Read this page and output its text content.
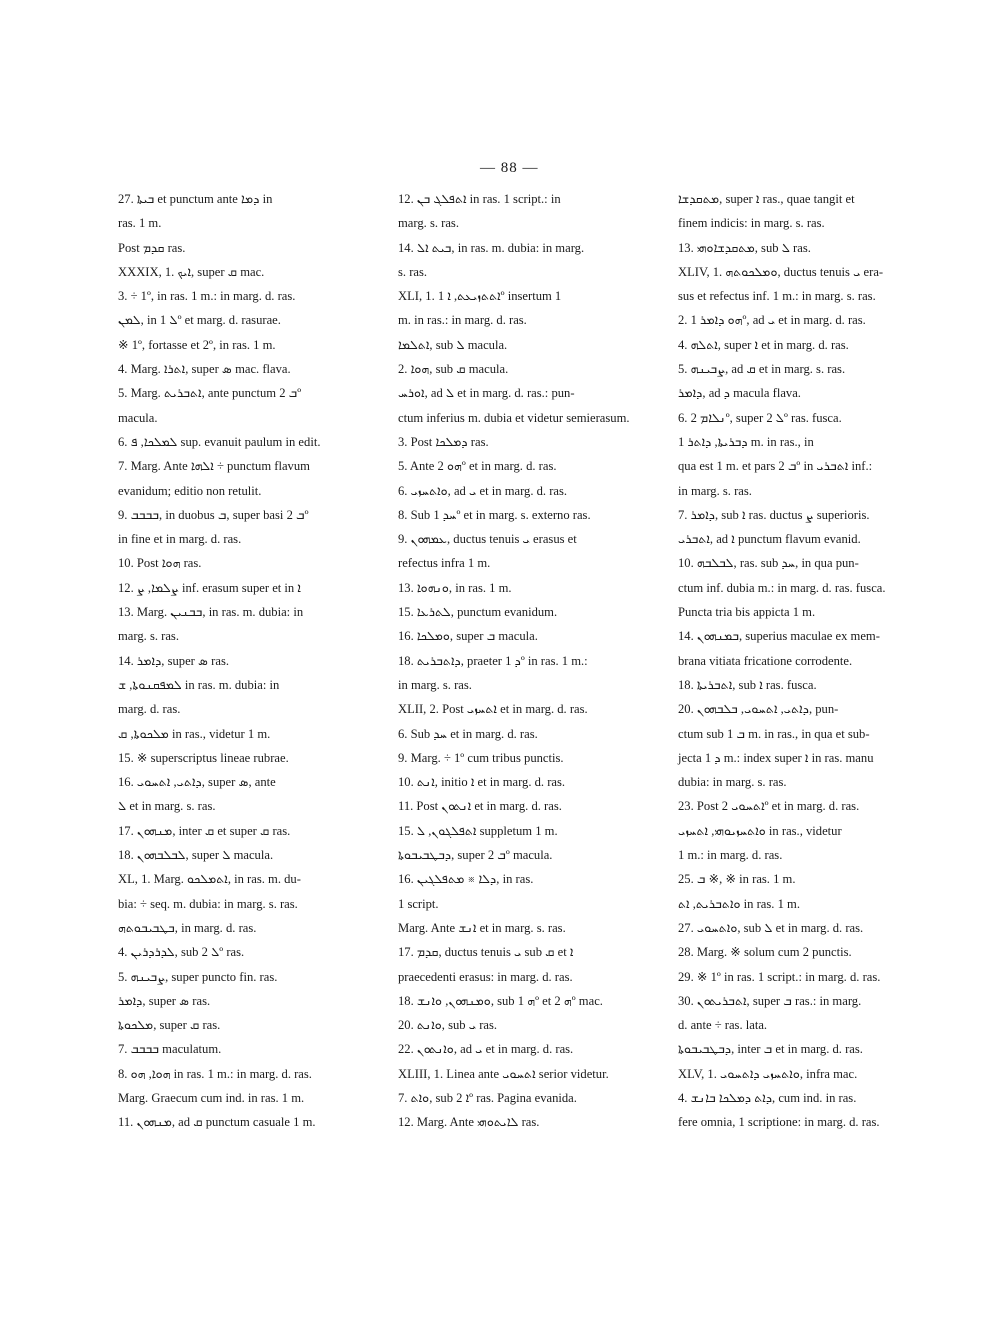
— 88 —
27. ܒܝܬܐ et punctum ante ܕܡܐ in
ras. 1 m.
Post ܩܕܡ ras.
XXXIX, 1. ܐܝܟ, super ܩ mac.
3. ÷ 1º, in ras. 1 m.: in marg. d. ras.
ܠܡܢ, in ܠ 1º et marg. d. rasurae.
※ 1º, fortasse et 2º, in ras. 1 m.
4. Marg. ܐܬܪܐ, super ܣ mac. flava.
5. Marg. ܐܬܒܪܝܬ, ante punctum ܒ 2º
macula.
6. ܠܡܠܟܐ, ܦ sup. evanuit paulum in edit.
7. Marg. Ante ܐܠܗܐ ÷ punctum flavum
evanidum; editio non retulit.
9. ܒܒܒܒ, in duobus ܒ, super basi ܒ 2º
in fine et in marg. d. ras.
10. Post ܗܘܐ ras.
12. ܨܠܡܐ, ܨ inf. erasum super et in ܐ
13. Marg. ܒܒܢܝܢ, in ras. m. dubia: in
marg. s. ras.
14. ܕܐܡܪ, super ܣ ras.
ܠܡܦܩܢܘܬܐ, ܫ in ras. m. dubia: in
marg. d. ras.
ܡܠܟܘܬܐ, ܩ in ras., videtur 1 m.
15. ※ superscriptus lineae rubrae.
16. ܕܐܬܝ, ܐܬܚܘܝ, super ܣ, ante
ܠ et in marg. s. ras.
17. ܡܢܗܘܢ, inter ܩ et super ܩ ras.
18. ܠܒܠܒܗܘܢ, super ܠ macula.
XL, 1. Marg. ܐܬܡܠܟܘ, in ras. m. du-
bia: ÷ seq. m. dubia: in marg. s. ras.
ܒܛܒܝܒܘܬܗ, in marg. d. ras.
4. ܠܕܪܕܪܝܢ, sub ܠ 2º ras.
5. ܨܒܝܢܗ, super puncto fin. ras.
ܕܐܡܪ, super ܣ ras.
ܡܠܟܘܬܐ, super ܩ ras.
7. ܒܒܒܒ maculatum.
8. ܗܘܐ, ܗܘ in ras. 1 m.: in marg. d. ras.
Marg. Graecum cum ind. in ras. 1 m.
11. ܡܢܗܘܢ, ad ܩ punctum casuale 1 m.
12. ܐܬܦܠܓ ܒܢ in ras. 1 script.: in
marg. s. ras.
14. ܒܝܬ ܐܠ, in ras. m. dubia: in marg.
s. ras.
XLI, 1. ܐܬܬܙܝܥܬ, ܐ 1º insertum 1
m. in ras.: in marg. d. ras.
ܐܬܠܡܐ, sub ܠ macula.
2. ܗܘܐ, sub ܩ macula.
ܐܘܪܚ, ad ܠ et in marg. d. ras.: pun-
ctum inferius m. dubia et videtur semierasum.
3. Post ܕܡܠܟܐ ras.
5. Ante ܗܘ 2º et in marg. d. ras.
6. ܘܐܬܚܙܝ, ad ܝ et in marg. d. ras.
8. Sub ܚܕ 1º et in marg. s. externo ras.
9. ܥܡܗܘܢ, ductus tenuis ܝ erasus et
refectus infra 1 m.
13. ܘܢܗܘܐ, in ras. 1 m.
15. ܠܬܪܥܐ, punctum evanidum.
16. ܘܡܠܟܐ, super ܒ macula.
18. ܕܐܬܒܪܝܬ, praeter ܕ 1º in ras. 1 m.:
in marg. s. ras.
XLII, 2. Post ܐܬܚܙܝ et in marg. d. ras.
6. Sub ܚܕ et in marg. d. ras.
9. Marg. ÷ 1º cum tribus punctis.
10. ܐܢܬ, initio ܐ et in marg. d. ras.
11. Post ܐܢܬܘܢ et in marg. d. ras.
15. ܐܬܦܠܓܘܢ, ܠ suppletum 1 m.
ܕܒܛܒܝܒܘܬܐ, super ܒ 2º macula.
16. ܕܠܐ ※ ܡܬܦܠܓܝܢ, in ras.
1 script.
Marg. Ante ܐܢܫ et in marg. s. ras.
17. ܩܕܡ, ductus tenuis ܝ sub ܩ et ܐ
praecedenti erasus: in marg. d. ras.
18. ܘܡܢܗܘܢ, ܘܐܢܫ, sub ܗ 1º et ܗ 2º mac.
20. ܘܐܢܬ, sub ܝ ras.
22. ܘܐܢܬܘܢ, ad ܝ et in marg. d. ras.
XLIII, 1. Linea ante ܐܬܚܘܝ serior videtur.
7. ܘܐܬ, sub ܐ 2º ras. Pagina evanida.
12. Marg. Ante ܠܐܝܬܘܗܝ ras.
ܡܬܩܕܫܐ, super ܐ ras., quae tangit et
finem indicis: in marg. s. ras.
13. ܡܬܩܕܫܐܘܗܝ, sub ܠ ras.
XLIV, 1. ܘܡܠܟܘܬܗ, ductus tenuis ܝ era-
sus et refectus inf. 1 m.: in marg. s. ras.
2. ܗܘ ܕܐܡܪ 1º, ad ܝ et in marg. d. ras.
4. ܐܬܠܗ, super ܐ et in marg. d. ras.
5. ܨܒܝܢܗ, ad ܩ et in marg. s. ras.
ܕܐܡܪ, ad ܕ macula flava.
6. ܢܠܐܡ 2º, super ܠ 2º ras. fusca.
ܕܒܪܝܬܐ, ܕܐܬܪ 1 m. in ras., in
qua est 1 m. et pars ܒ 2º in ܐܬܒܪܝ inf.:
in marg. s. ras.
7. ܕܐܡܪ, sub ܐ ras. ductus ܨ superioris.
ܐܬܒܪܝ, ad ܐ punctum flavum evanid.
10. ܠܒܠܒܗ, ras. sub ܚܕ, in qua pun-
ctum inf. dubia m.: in marg. d. ras. fusca.
Puncta tria bis appicta 1 m.
14. ܒܡܢܗܘܢ, superius maculae ex mem-
brana vitiata fricatione corrodente.
18. ܐܬܒܪܝܬܐ, sub ܐ ras. fusca.
20. ܕܐܬܝ, ܐܬܚܘܝ, ܒܠܒܗܘܢ, pun-
ctum sub ܒ 1 m. in ras., in qua et sub-
jecta ܕ 1 m.: index super ܐ in ras. manu
dubia: in marg. s. ras.
23. Post ܐܬܚܘܝ 2º et in marg. d. ras.
ܘܐܬܚܙܝܘܗܝ, ܐܬܚܙܝ in ras., videtur
1 m.: in marg. d. ras.
25. ܒ ※, ※ in ras. 1 m.
ܘܐܬܒܪܝܬ, ܐܬ in ras. 1 m.
27. ܘܐܬܚܘܝ, sub ܠ et in marg. d. ras.
28. Marg. ※ solum cum 2 punctis.
29. ※ 1º in ras. 1 script.: in marg. d. ras.
30. ܐܬܒܪܝܬܘܢ, super ܒ ras.: in marg.
d. ante ÷ ras. lata.
ܕܒܛܒܝܒܘܬܐ, inter ܒ et in marg. d. ras.
XLV, 1. ܘܐܬܚܙܝ ܕܐܬܚܘܝ, infra mac.
4. ܕܐܬ ܕܡܠܟܐ ܒܐܢܫ, cum ind. in ras.
fere omnia, 1 scriptione: in marg. d. ras.
